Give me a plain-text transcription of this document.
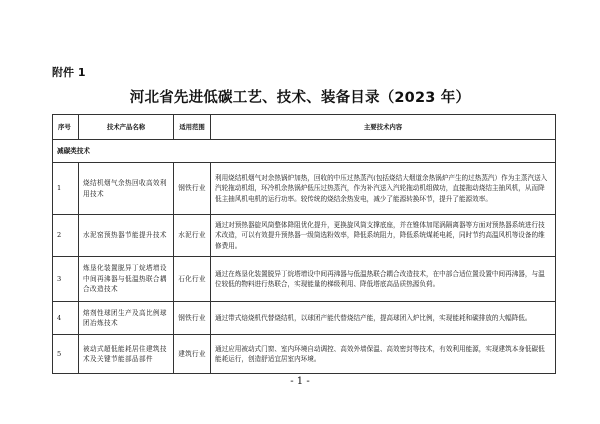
附件 1
河北省先进低碳工艺、技术、装备目录（2023 年）
序号	技术产品名称	适用范围	主要技术内容
减碳类技术			
1	烧结机烟气余热回收高效利用技术	钢铁行业	利用烧结机烟气对余热锅炉加热，回收的中压过热蒸汽(包括烧结大烟道余热锅炉产生的过热蒸汽）作为主蒸汽送入汽轮拖动机组，环冷机余热锅炉低压过热蒸汽，作为补汽送入汽轮拖动机组做功，直接拖动烧结主抽风机，从而降低主抽风机电机的运行功率。较传统的烧结余热发电，减少了能源转换环节，提升了能源效率。
2	水泥窑预热器节能提升技术	水泥行业	通过对预热器旋风筒整体降阻优化提升，更换旋风筒支撑底座，并在锥体加尾涡隔离器等方面对预热器系统进行技术改造，可以有效提升预热器一级筒选粉效率，降低系统阻力，降低系统煤耗电耗，同时节约高温风机等设备的维修费用。
3	炼垦化装置脱异丁烷塔增设中间再沸器与低温热联合耦合改造技术	石化行业	通过在炼垦化装置脱异丁烷塔增设中间再沸器与低温热联合耦合改造技术，在中部合适位置设置中间再沸器，与温位较低的物料进行热联合，实现能量的梯级利用、降低塔底高品质热源负荷。
4	熔剂性球团生产及高比例球团冶炼技术	钢铁行业	通过带式焙烧机代替烧结机，以球团产能代替烧结产能，提高球团入炉比例，实现能耗和碳排放的大幅降低。
5	被动式超低能耗居住建筑技术及关键节能部品部件	建筑行业	通过应用被动式门窗、室内环境自动调控、高效外墙保温、高效密封等技术，有效利用能源，实现建筑本身低碳低能耗运行，创造舒适宜居室内环境。
- 1 -
